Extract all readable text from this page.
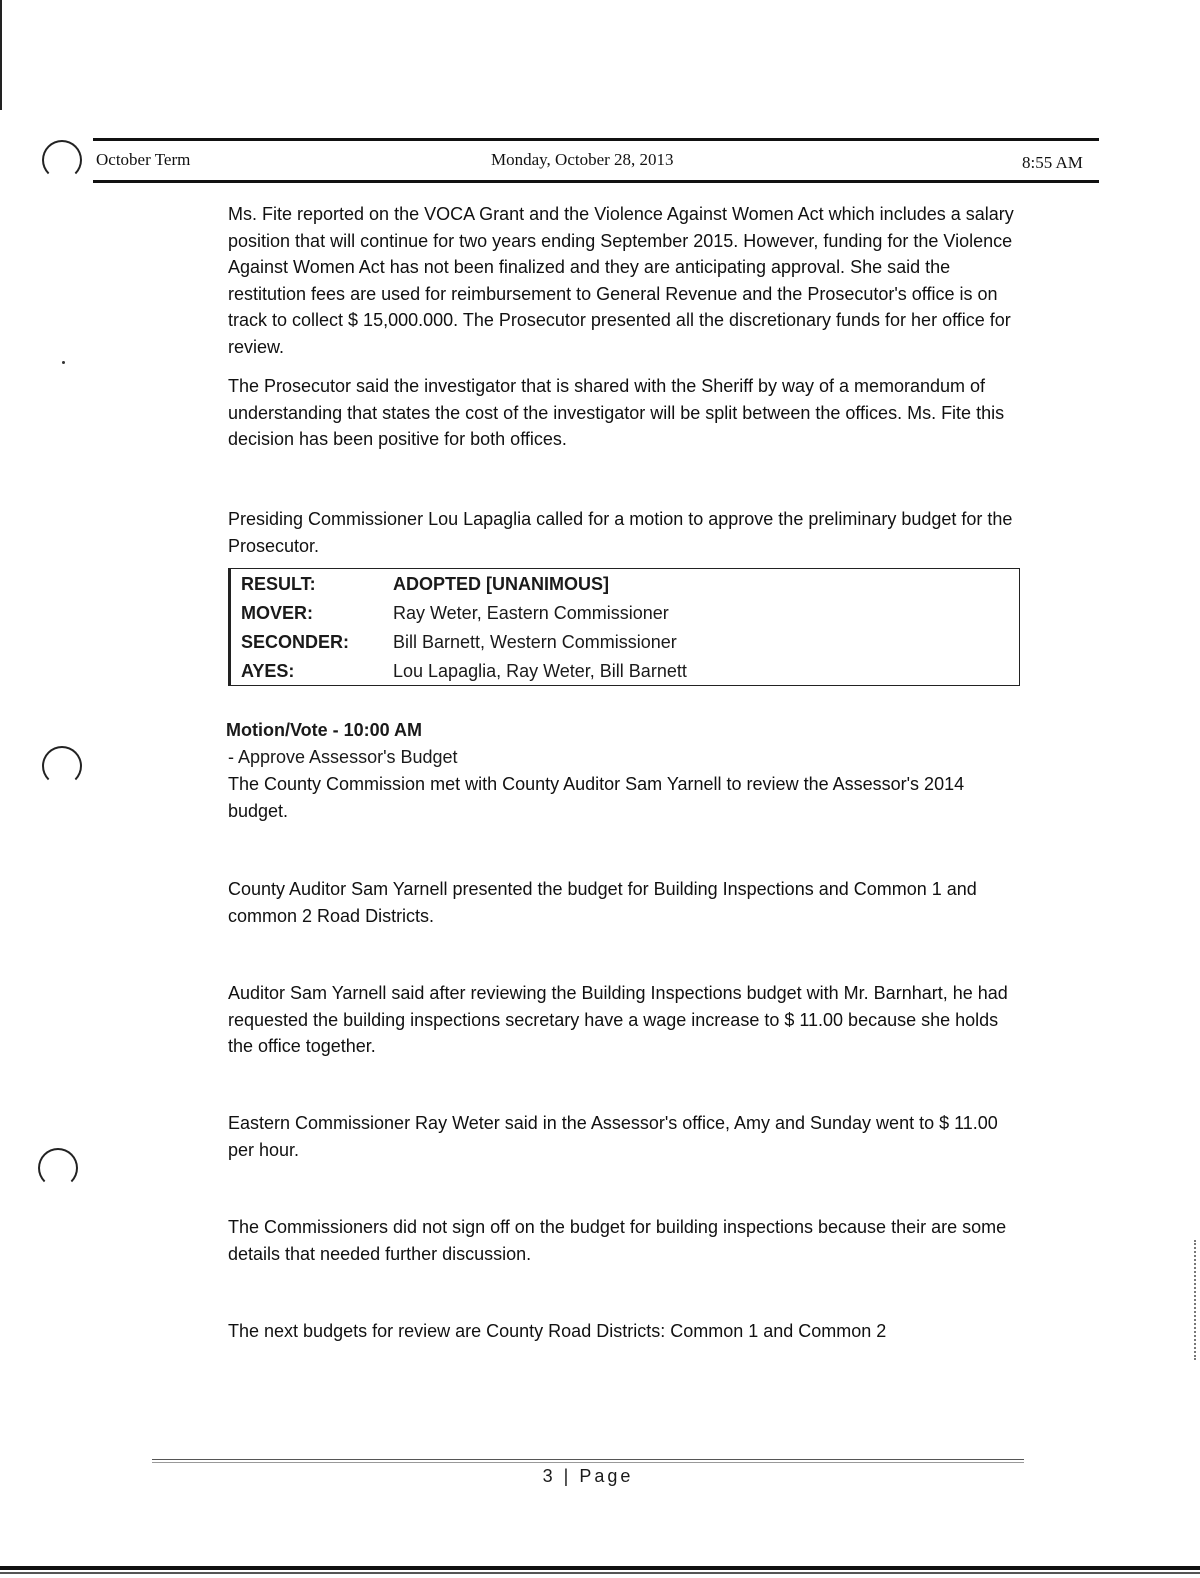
October Term	Monday, October 28, 2013	8:55 AM

Ms. Fite reported on the VOCA Grant and the Violence Against Women Act which includes a salary position that will continue for two years ending September 2015. However, funding for the Violence Against Women Act has not been finalized and they are anticipating approval. She said the restitution fees are used for reimbursement to General Revenue and the Prosecutor's office is on track to collect $ 15,000.000. The Prosecutor presented all the discretionary funds for her office for review.

The Prosecutor said the investigator that is shared with the Sheriff by way of a memorandum of understanding that states the cost of the investigator will be split between the offices. Ms. Fite this decision has been positive for both offices.

Presiding Commissioner Lou Lapaglia called for a motion to approve the preliminary budget for the Prosecutor.

RESULT:	ADOPTED [UNANIMOUS]
MOVER:	Ray Weter, Eastern Commissioner
SECONDER: Bill Barnett, Western Commissioner
AYES:	Lou Lapaglia, Ray Weter, Bill Barnett
Motion/Vote - 10:00 AM
- Approve Assessor's Budget

The County Commission met with County Auditor Sam Yarnell to review the Assessor's 2014 budget.

County Auditor Sam Yarnell presented the budget for Building Inspections and Common 1 and common 2 Road Districts.

Auditor Sam Yarnell said after reviewing the Building Inspections budget with Mr. Barnhart, he had requested the building inspections secretary have a wage increase to $ 11.00 because she holds the office together.

Eastern Commissioner Ray Weter said in the Assessor's office, Amy and Sunday went to $ 11.00 per hour.

The Commissioners did not sign off on the budget for building inspections because their are some details that needed further discussion.

The next budgets for review are County Road Districts: Common 1 and Common 2

3 | Page
